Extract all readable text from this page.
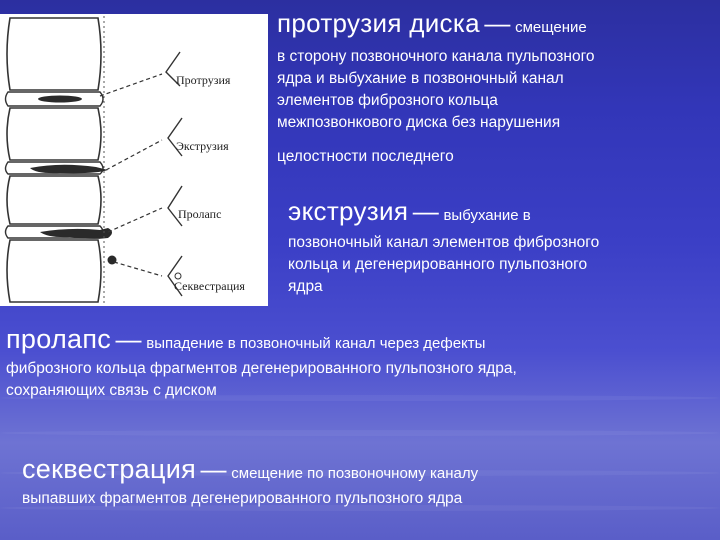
Протрузия
Экструзия
Пролапс
Секвестрация
протрузия диска — смещение
в сторону позвоночного канала пульпозного
ядра и выбухание в позвоночный канал
элементов фиброзного кольца
межпозвонкового диска без нарушения
целостности последнего
экструзия — выбухание в
позвоночный канал элементов фиброзного
кольца и дегенерированного пульпозного
ядра
пролапс — выпадение в позвоночный канал через дефекты
фиброзного кольца фрагментов дегенерированного пульпозного ядра,
сохраняющих связь с диском
секвестрация — смещение по позвоночному каналу
выпавших фрагментов дегенерированного пульпозного ядра
